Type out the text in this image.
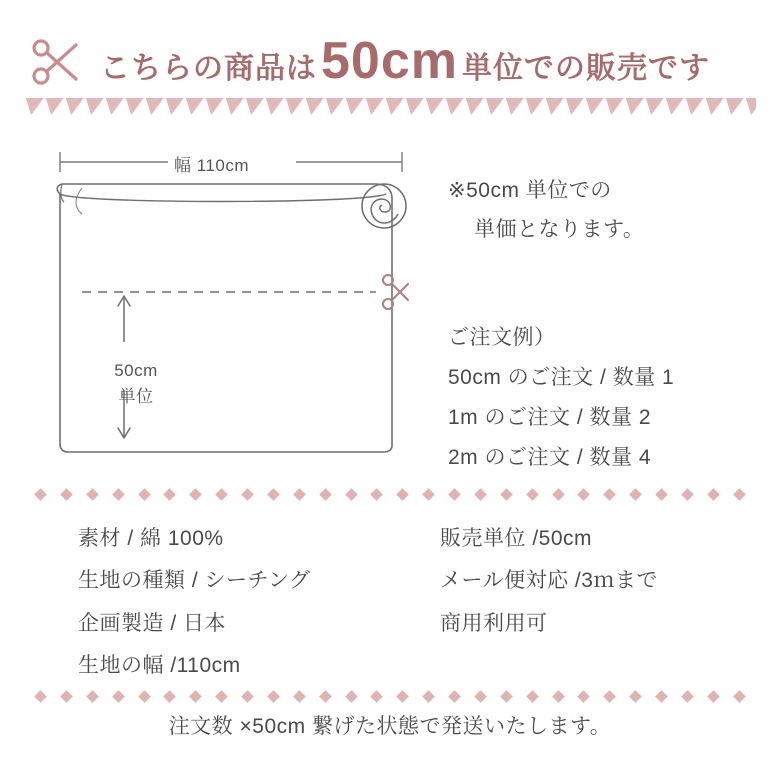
こちらの商品は 50cm 単位での販売です
幅 110cm
50cm
単位
※50cm 単位での
単価となります。
ご注文例）
50cm のご注文 / 数量 1
1m のご注文 / 数量 2
2m のご注文 / 数量 4
素材 / 綿 100%
生地の種類 / シーチング
企画製造 / 日本
生地の幅 /110cm
販売単位 /50cm
メール便対応 /3ｍまで
商用利用可
注文数 ×50cm 繋げた状態で発送いたします。
